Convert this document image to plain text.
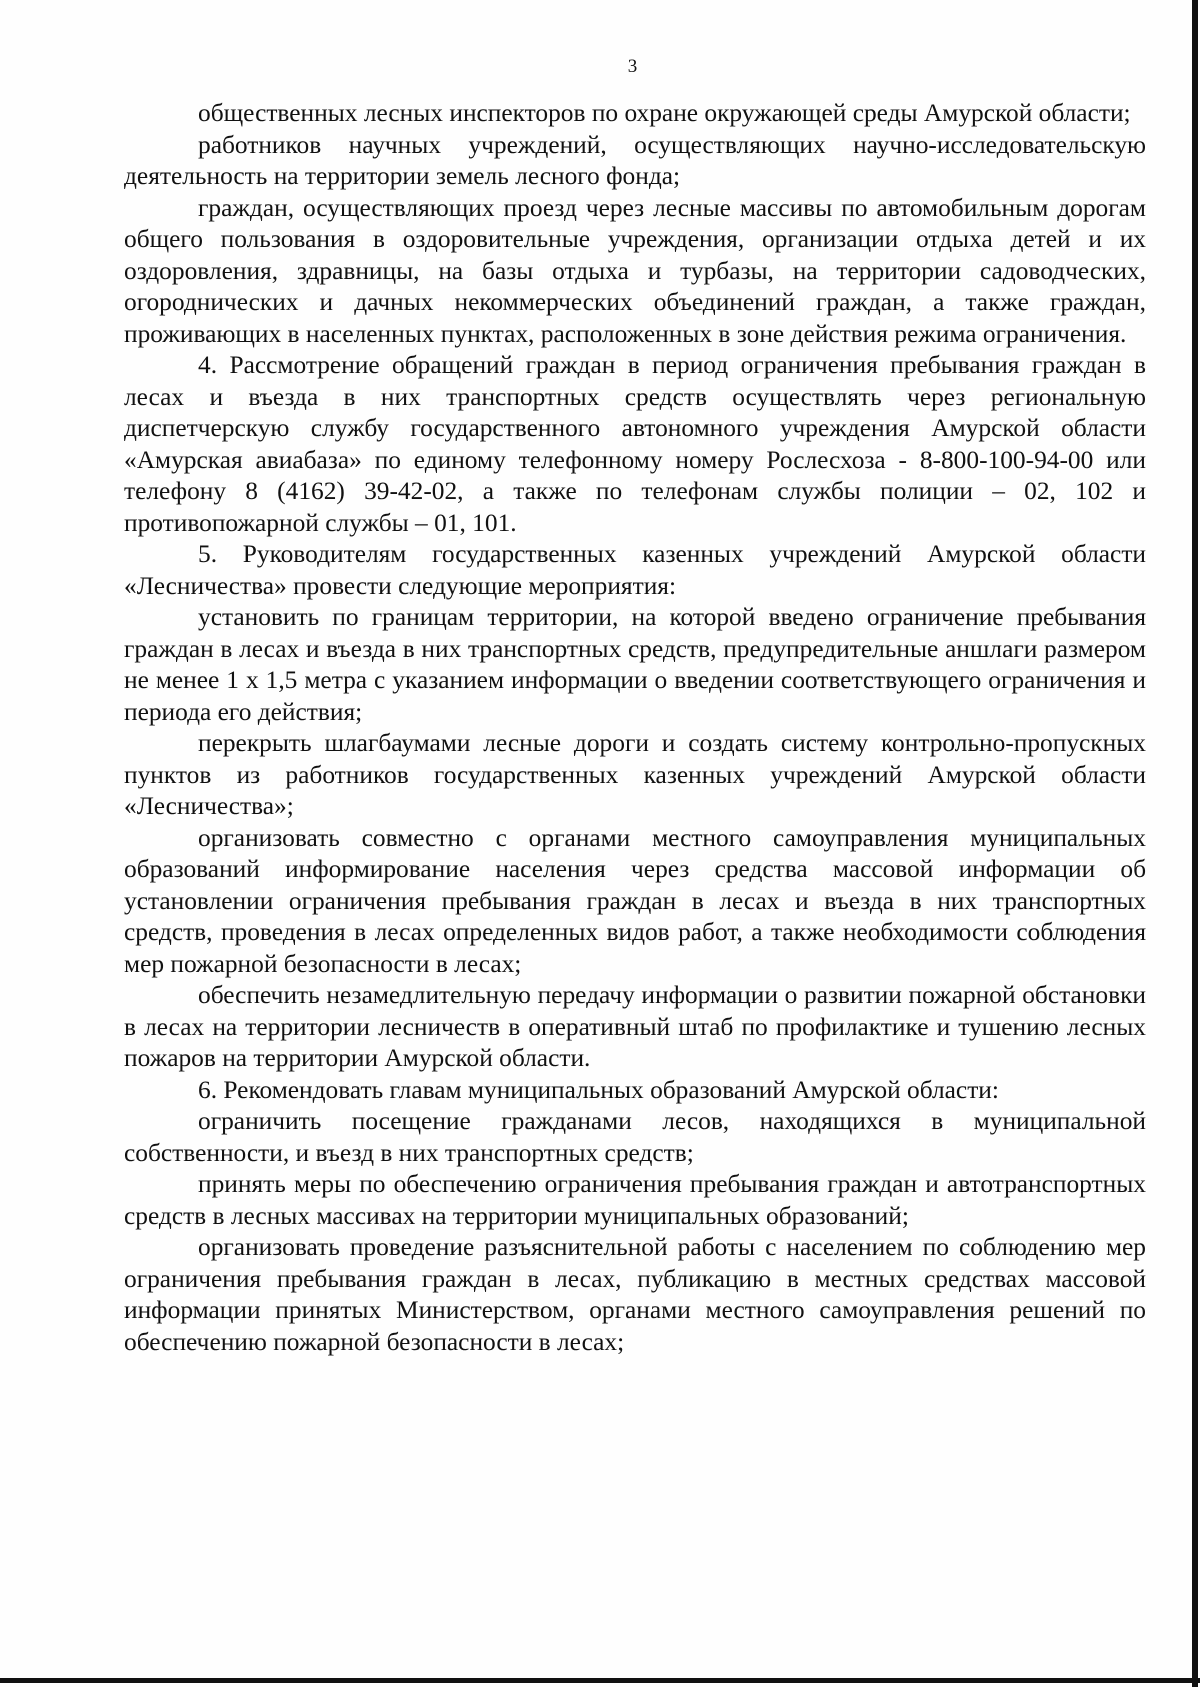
3

общественных лесных инспекторов по охране окружающей среды Амурской области;

работников научных учреждений, осуществляющих научно-исследовательскую деятельность на территории земель лесного фонда;

граждан, осуществляющих проезд через лесные массивы по автомобильным дорогам общего пользования в оздоровительные учреждения, организации отдыха детей и их оздоровления, здравницы, на базы отдыха и турбазы, на территории садоводческих, огороднических и дачных некоммерческих объединений граждан, а также граждан, проживающих в населенных пунктах, расположенных в зоне действия режима ограничения.

4. Рассмотрение обращений граждан в период ограничения пребывания граждан в лесах и въезда в них транспортных средств осуществлять через региональную диспетчерскую службу государственного автономного учреждения Амурской области «Амурская авиабаза» по единому телефонному номеру Рослесхоза - 8-800-100-94-00 или телефону 8 (4162) 39-42-02, а также по телефонам службы полиции – 02, 102 и противопожарной службы – 01, 101.

5. Руководителям государственных казенных учреждений Амурской области «Лесничества» провести следующие мероприятия:

установить по границам территории, на которой введено ограничение пребывания граждан в лесах и въезда в них транспортных средств, предупредительные аншлаги размером не менее 1 x 1,5 метра с указанием информации о введении соответствующего ограничения и периода его действия;

перекрыть шлагбаумами лесные дороги и создать систему контрольно-пропускных пунктов из работников государственных казенных учреждений Амурской области «Лесничества»;

организовать совместно с органами местного самоуправления муниципальных образований информирование населения через средства массовой информации об установлении ограничения пребывания граждан в лесах и въезда в них транспортных средств, проведения в лесах определенных видов работ, а также необходимости соблюдения мер пожарной безопасности в лесах;

обеспечить незамедлительную передачу информации о развитии пожарной обстановки в лесах на территории лесничеств в оперативный штаб по профилактике и тушению лесных пожаров на территории Амурской области.

6. Рекомендовать главам муниципальных образований Амурской области:

ограничить посещение гражданами лесов, находящихся в муниципальной собственности, и въезд в них транспортных средств;

принять меры по обеспечению ограничения пребывания граждан и автотранспортных средств в лесных массивах на территории муниципальных образований;

организовать проведение разъяснительной работы с населением по соблюдению мер ограничения пребывания граждан в лесах, публикацию в местных средствах массовой информации принятых Министерством, органами местного самоуправления решений по обеспечению пожарной безопасности в лесах;
